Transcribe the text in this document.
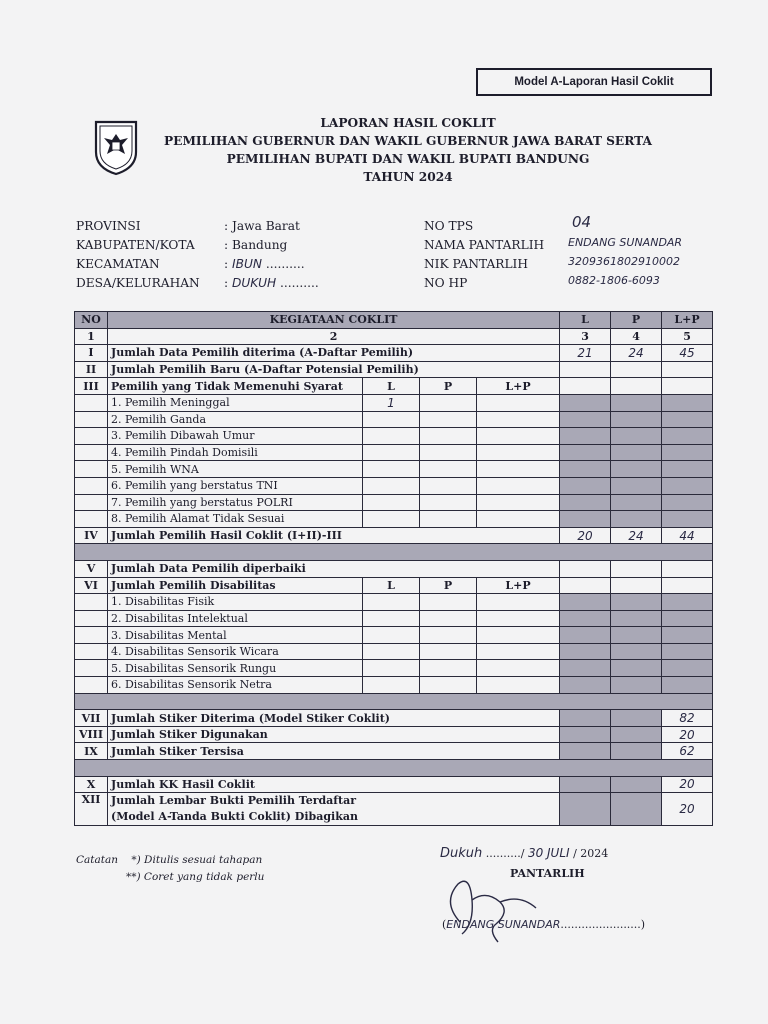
Model A-Laporan Hasil Coklit
LAPORAN HASIL COKLIT
PEMILIHAN GUBERNUR DAN WAKIL GUBERNUR JAWA BARAT SERTA
PEMILIHAN BUPATI DAN WAKIL BUPATI BANDUNG
TAHUN 2024
PROVINSI	: Jawa Barat
KABUPATEN/KOTA : Bandung
KECAMATAN	: IBUN ..........
DESA/KELURAHAN : DUKUH ..........
NO TPS	04
NAMA PANTARLIH ENDANG SUNANDAR
NIK PANTARLIH	3209361802910002
NO HP	0882-1806-6093
NO	KEGIATAAN COKLIT				L	P	L+P
1	2				3	4	5
I	Jumlah Data Pemilih diterima (A-Daftar Pemilih)				21	24	45
II	Jumlah Pemilih Baru (A-Daftar Potensial Pemilih)						
III	Pemilih yang Tidak Memenuhi Syarat	L	P	L+P			
	1. Pemilih Meninggal	1					
	2. Pemilih Ganda						
	3. Pemilih Dibawah Umur						
	4. Pemilih Pindah Domisili						
	5. Pemilih WNA						
	6. Pemilih yang berstatus TNI						
	7. Pemilih yang berstatus POLRI						
	8. Pemilih Alamat Tidak Sesuai						
IV	Jumlah Pemilih Hasil Coklit (I+II)-III				20	24	44

V	Jumlah Data Pemilih diperbaiki						
VI	Jumlah Pemilih Disabilitas	L	P	L+P			
	1. Disabilitas Fisik						
	2. Disabilitas Intelektual						
	3. Disabilitas Mental						
	4. Disabilitas Sensorik Wicara						
	5. Disabilitas Sensorik Rungu						
	6. Disabilitas Sensorik Netra						

VII	Jumlah Stiker Diterima (Model Stiker Coklit)						82
VIII	Jumlah Stiker Digunakan						20
IX	Jumlah Stiker Tersisa						62

X	Jumlah KK Hasil Coklit						20
XII	Jumlah Lembar Bukti Pemilih Terdaftar
(Model A-Tanda Bukti Coklit) Dibagikan						20
Catatan *) Ditulis sesuai tahapan
**) Coret yang tidak perlu
Dukuh ........../ 30 JULI / 2024
PANTARLIH
(ENDANG SUNANDAR.......................)
